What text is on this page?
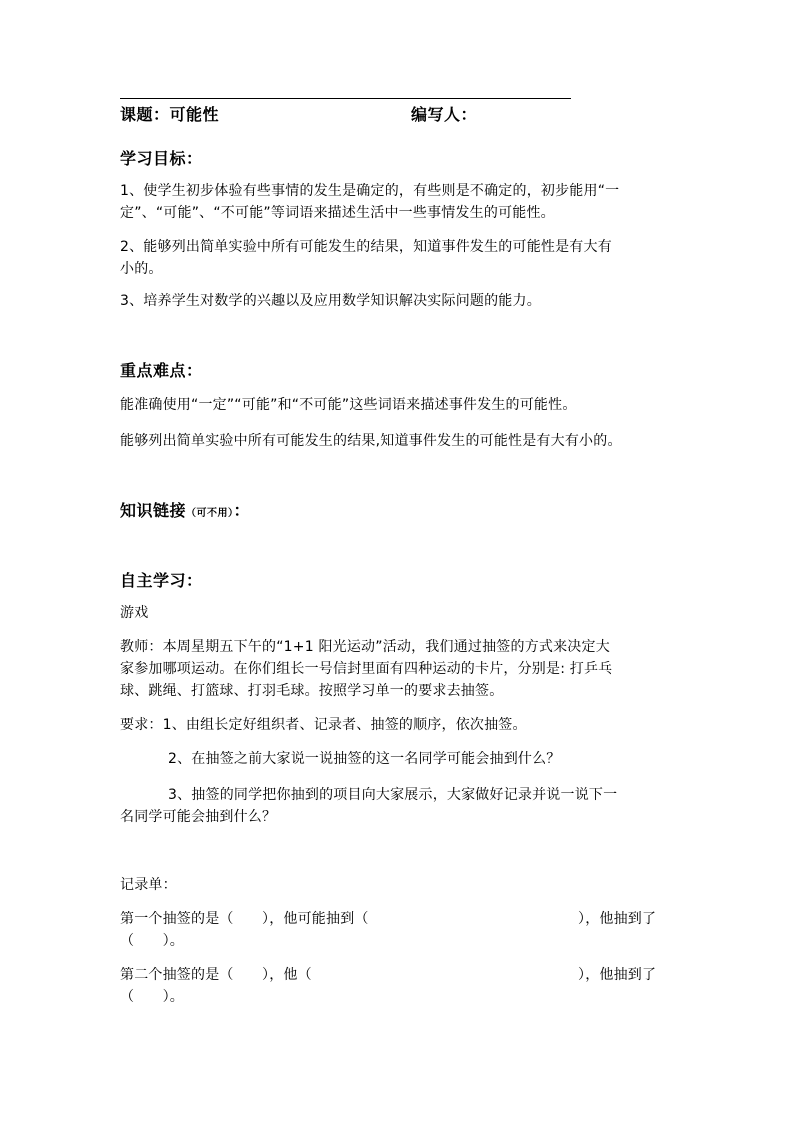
课题：可能性	编写人：
学习目标：
1、使学生初步体验有些事情的发生是确定的，有些则是不确定的，初步能用“一
定”、“可能”、“不可能”等词语来描述生活中一些事情发生的可能性。
2、能够列出简单实验中所有可能发生的结果，知道事件发生的可能性是有大有
小的。
3、培养学生对数学的兴趣以及应用数学知识解决实际问题的能力。
重点难点：
能准确使用“一定”“可能”和“不可能”这些词语来描述事件发生的可能性。
能够列出简单实验中所有可能发生的结果,知道事件发生的可能性是有大有小的。
知识链接（可不用）：
自主学习：
游戏
教师：本周星期五下午的“1+1 阳光运动”活动，我们通过抽签的方式来决定大
家参加哪项运动。在你们组长一号信封里面有四种运动的卡片，分别是: 打乒乓
球、跳绳、打篮球、打羽毛球。按照学习单一的要求去抽签。
要求：1、由组长定好组织者、记录者、抽签的顺序，依次抽签。
2、在抽签之前大家说一说抽签的这一名同学可能会抽到什么？
3、抽签的同学把你抽到的项目向大家展示，大家做好记录并说一说下一
名同学可能会抽到什么？
记录单：
第一个抽签的是（　　），他可能抽到（	），他抽到了
（　　）。
第二个抽签的是（　　），他（	），他抽到了
（　　）。
